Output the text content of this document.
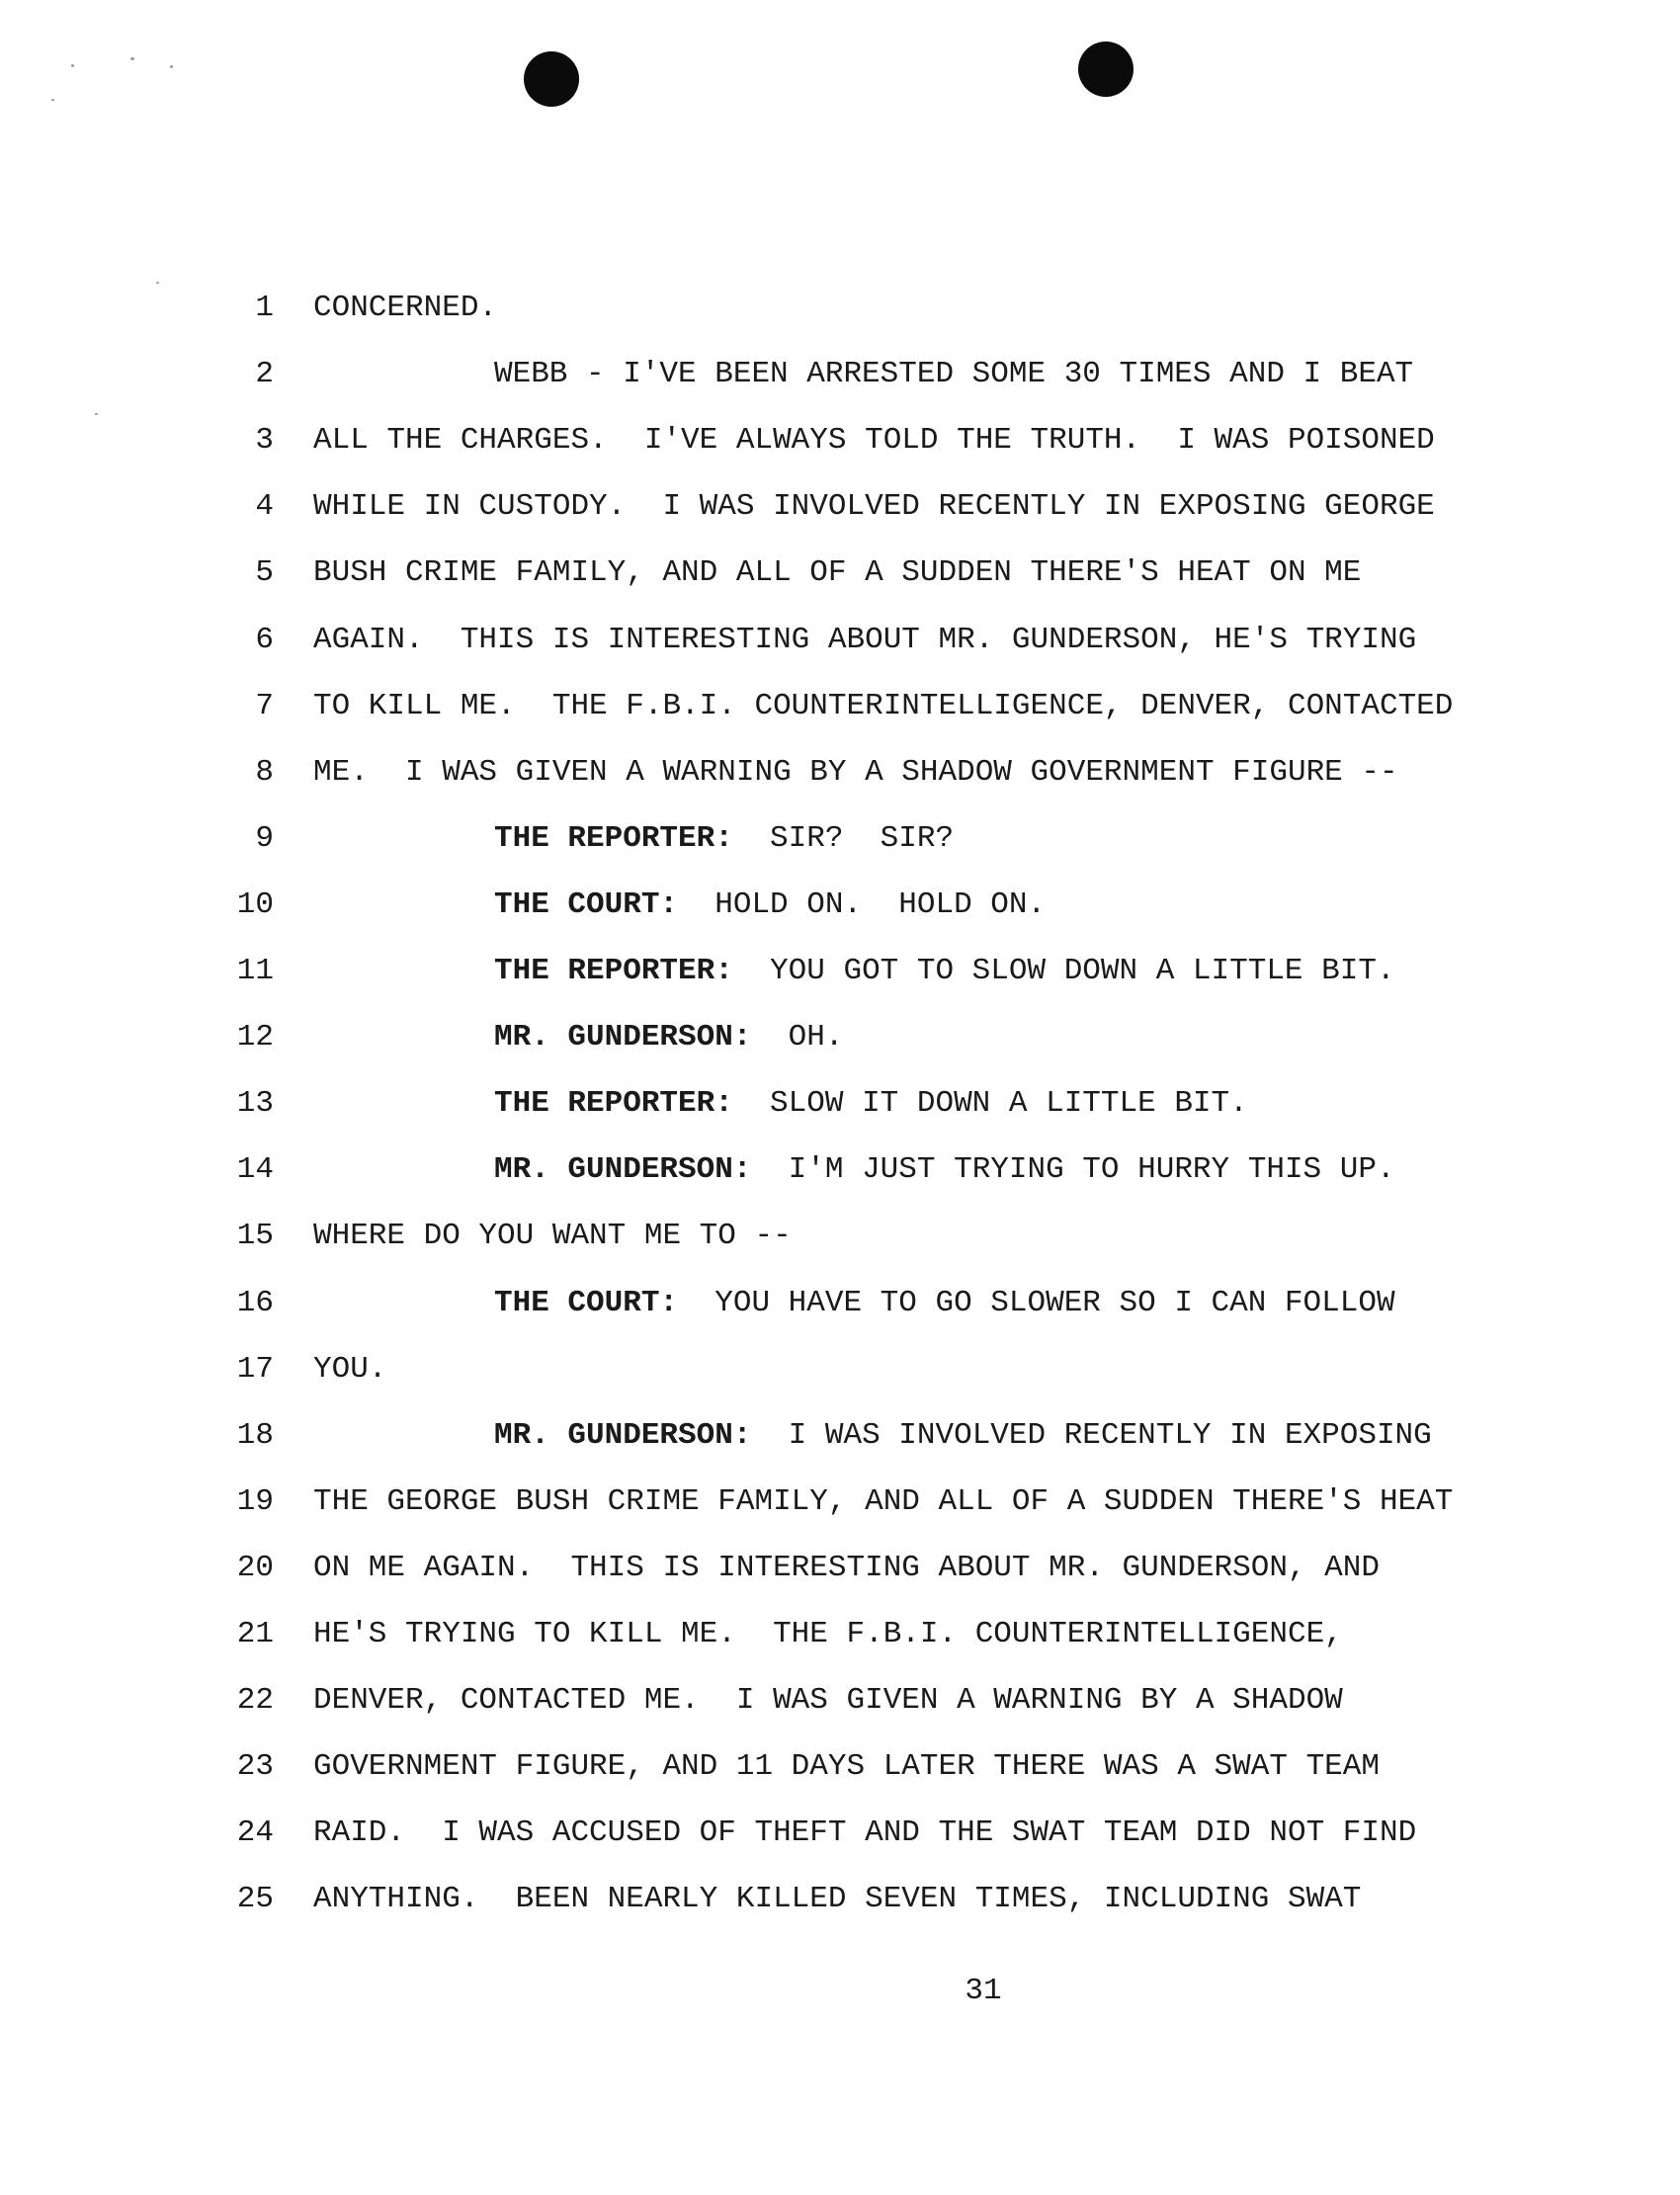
1 CONCERNED.
2	WEBB - I'VE BEEN ARRESTED SOME 30 TIMES AND I BEAT
3 ALL THE CHARGES.  I'VE ALWAYS TOLD THE TRUTH.  I WAS POISONED
4 WHILE IN CUSTODY.  I WAS INVOLVED RECENTLY IN EXPOSING GEORGE
5 BUSH CRIME FAMILY, AND ALL OF A SUDDEN THERE'S HEAT ON ME
6 AGAIN.  THIS IS INTERESTING ABOUT MR. GUNDERSON, HE'S TRYING
7 TO KILL ME.  THE F.B.I. COUNTERINTELLIGENCE, DENVER, CONTACTED
8 ME.  I WAS GIVEN A WARNING BY A SHADOW GOVERNMENT FIGURE --
9	THE REPORTER:  SIR?  SIR?
10	THE COURT:  HOLD ON.  HOLD ON.
11	THE REPORTER:  YOU GOT TO SLOW DOWN A LITTLE BIT.
12	MR. GUNDERSON:  OH.
13	THE REPORTER:  SLOW IT DOWN A LITTLE BIT.
14	MR. GUNDERSON:  I'M JUST TRYING TO HURRY THIS UP.
15 WHERE DO YOU WANT ME TO --
16	THE COURT:  YOU HAVE TO GO SLOWER SO I CAN FOLLOW
17 YOU.
18	MR. GUNDERSON:  I WAS INVOLVED RECENTLY IN EXPOSING
19 THE GEORGE BUSH CRIME FAMILY, AND ALL OF A SUDDEN THERE'S HEAT
20 ON ME AGAIN.  THIS IS INTERESTING ABOUT MR. GUNDERSON, AND
21 HE'S TRYING TO KILL ME.  THE F.B.I. COUNTERINTELLIGENCE,
22 DENVER, CONTACTED ME.  I WAS GIVEN A WARNING BY A SHADOW
23 GOVERNMENT FIGURE, AND 11 DAYS LATER THERE WAS A SWAT TEAM
24 RAID.  I WAS ACCUSED OF THEFT AND THE SWAT TEAM DID NOT FIND
25 ANYTHING.  BEEN NEARLY KILLED SEVEN TIMES, INCLUDING SWAT
31
